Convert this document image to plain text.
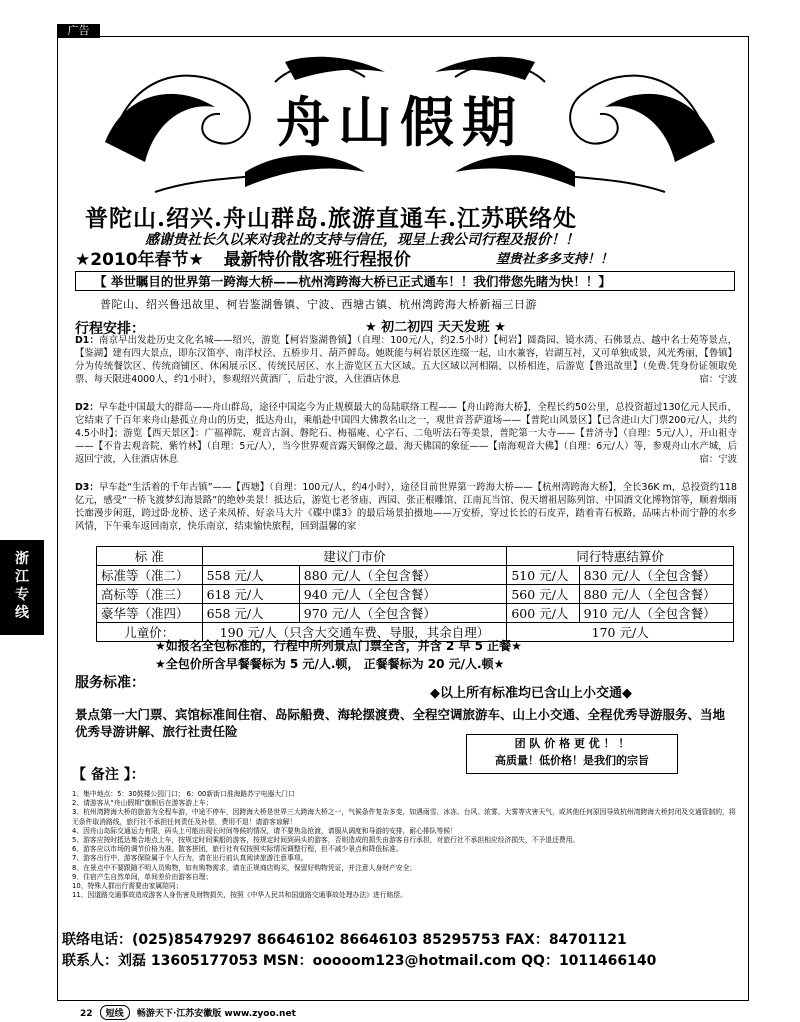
广告
舟山假期
普陀山.绍兴.舟山群岛.旅游直通车.江苏联络处
感谢贵社长久以来对我社的支持与信任，现呈上我公司行程及报价！！
★2010年春节★ 最新特价散客班行程报价	望贵社多多支持！！
【 举世瞩目的世界第一跨海大桥——杭州湾跨海大桥已正式通车！！我们带您先睹为快！！】
普陀山、绍兴鲁迅故里、柯岩鉴湖鲁镇、宁波、西塘古镇、杭州湾跨海大桥新福三日游
行程安排：	★ 初二初四 天天发班 ★
D1：南京早出发赴历史文化名城——绍兴，游览【柯岩鉴湖鲁镇】（自理：100元/人，约2.5小时）【柯岩】圆喬园、镜水湾、石佛景点、越中名士苑等景点，【鉴湖】建有四大景点，即东汉笛亭、南洋杖泾、五桥步月、葫芦鲜岛。她既能与柯岩景区连缀一起，山水兼容，岩湖互衬，又可单独成景，风光秀丽，【鲁镇】分为传统餐饮区、传统商铺区、休闲展示区、传统民居区、水上游览区五大区域。五大区域以河相隔、以桥相连，后游览【鲁迅故里】（免费.凭身份证领取免票、每天限进4000人，约1小时），参观绍兴黄酒厂，后赴宁波，入住酒店休息	宿：宁波
D2：早车赴中国最大的群岛——舟山群岛，途径中国迄今为止规模最大的岛陆联络工程——【舟山跨海大桥】，全程长约50公里，总投资超过130亿元人民币，它结束了千百年来舟山悬孤立舟山的历史，抵达舟山，乘船赴中国四大佛教名山之一，观世音菩萨道场——【普陀山风景区】【已含进山大门票200元/人，共约4.5小时】；游览【西天景区】：广福禅院、观音古洞、磐陀石、梅福庵、心字石、二龟听法石等美景，普陀第一大寺——【普济寺】（自理：5元/人），开山祖寺——【不肯去观音院、紫竹林】（自理：5元/人），当今世界观音露天铜像之最、海天佛国的象征——【南海观音大佛】（自理：6元/人）等，参观舟山水产城，后返回宁波，入住酒店休息	宿：宁波
D3：早车赴“生活着的千年古镇”——【西塘】（自理：100元/人，约4小时），途径目前世界第一跨海大桥——【杭州湾跨海大桥】，全长36K m，总投资约118亿元，感受“一桥飞渡梦幻海景路”的绝妙美景！抵达后，游览七老爷庙、西园、张正根雕馆、江南瓦当馆、倪天增祖居陈列馆、中国酒文化博物馆等，顺着烟雨长廊漫步闲逛，跨过卧龙桥、送子来凤桥、好亲马大片《碟中谍3》的最后场景拍摄地——万安桥，穿过长长的石皮弄，踏着青石板路，品味古朴而宁静的水乡风情，下午乘车返回南京，快乐南京，结束愉快旅程，回到温馨的家
标 准	建议门市价		同行特惠结算价	
标准等（准二）	558 元/人	880 元/人（全包含餐）	510 元/人	830 元/人（全包含餐）
高标等（准三）	618 元/人	940 元/人（全包含餐）	560 元/人	880 元/人（全包含餐）
豪华等（准四）	658 元/人	970 元/人（全包含餐）	600 元/人	910 元/人（全包含餐）
儿童价：	190 元/人（只含大交通车费、导服，其余自理）		170 元/人	
★如报名全包标准的，行程中所列景点门票全含，并含 2 早 5 正餐★
★全包价所含早餐餐标为 5 元/人.顿， 正餐餐标为 20 元/人.顿★
服务标准：
◆以上所有标准均已含山上小交通◆
景点第一大门票、宾馆标准间住宿、岛际船费、海轮摆渡费、全程空调旅游车、山上小交通、全程优秀导游服务、当地优秀导游讲解、旅行社责任险
团 队 价 格 更 优 ！ ！
高质量！低价格！是我们的宗旨
【 备注 】：
1、集中地点：5：30鼓楼公园门口； 6：00新街口淮海路苏宁电器大门口
2、请游客从“舟山假期”旗帜后在游客游上车；
3、杭州湾跨海大桥的旅游为全程车游，中途不停车，因跨海大桥是世界三大跨海大桥之一，气候条件复杂多变，如遇雨雪、冰冻、台风、浓雾、大雾等灾害天气，或其他任何原因导致杭州湾跨海大桥封闭及交通管制的，将无条件取消路线，旅行社不承担任何责任及补偿，费用不退！请游客谅解！
4、因舟山岛际交通运力有限，码头上可能出现长时间等候的情况，请不要焦急抢渡，请服从调度和导游的安排，耐心排队等候！
5、游客应按时抵达集合地点上车，按规定时间乘船的游客，按规定时间到码头的游客，否则造成的损失由游客自行承担，对旅行社不承担相应经济损失，不予退还费用。
6、游客应以市场的调节价格为准。散客拼团，旅行社有权按照实际情况调整行程，但不减少景点和降低标准。
7、游客出行中，游客保险属于个人行为，请在出行前认真阅读旅游注意事项。
8、在景点中不要跟随不明人员购物，如有购物需求，请在正规商店购买，保留好购物凭证，并注意人身财产安全；
9、住宿产生自然单间，单间差价由游客自理；
10、特殊人群出行需要由家属陪同；
11、因道路交通事故造成游客人身伤害及财物损失，按照《中华人民共和国道路交通事故处理办法》进行赔偿。
联络电话：(025)85479297 86646102 86646103 85295753 FAX：84701121
联系人：刘磊 13605177053 MSN：ooooom123@hotmail.com QQ：1011466140
浙江专线
22 短线 畅游天下·江苏安徽版 www.zyoo.net
